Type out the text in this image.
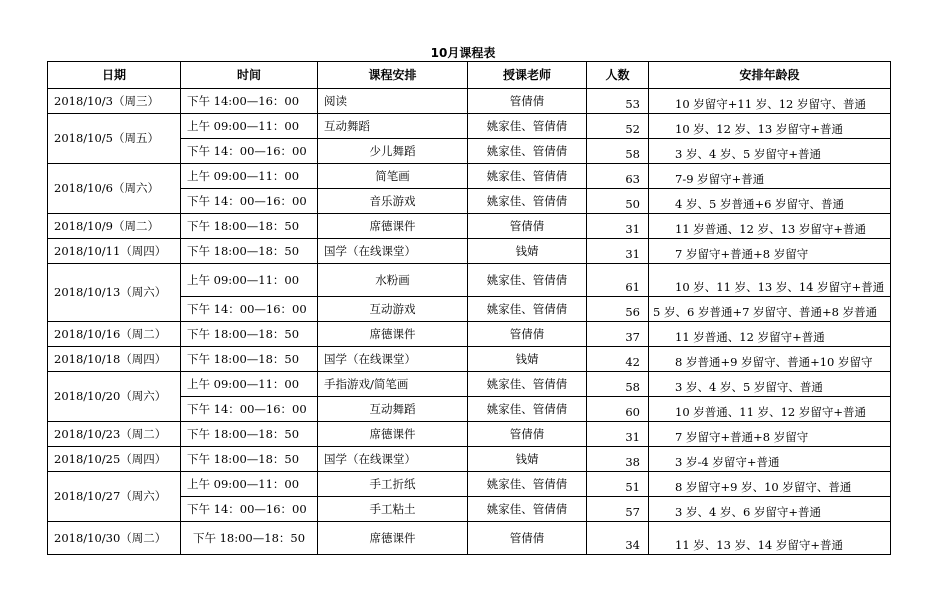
10月课程表
日期	时间	课程安排	授课老师	人数	安排年龄段
2018/10/3（周三）	下午 14:00—16：00	阅读	管倩倩	53	10 岁留守+11 岁、12 岁留守、普通
2018/10/5（周五）	上午 09:00—11：00	互动舞蹈	姚家佳、管倩倩	52	10 岁、12 岁、13 岁留守+普通
	下午 14：00—16：00	少儿舞蹈	姚家佳、管倩倩	58	3 岁、4 岁、5 岁留守+普通
2018/10/6（周六）	上午 09:00—11：00	简笔画	姚家佳、管倩倩	63	7-9 岁留守+普通
	下午 14：00—16：00	音乐游戏	姚家佳、管倩倩	50	4 岁、5 岁普通+6 岁留守、普通
2018/10/9（周二）	下午 18:00—18：50	席德课件	管倩倩	31	11 岁普通、12 岁、13 岁留守+普通
2018/10/11（周四）	下午 18:00—18：50	国学（在线课堂）	钱婧	31	7 岁留守+普通+8 岁留守
2018/10/13（周六）	上午 09:00—11：00	水粉画	姚家佳、管倩倩	61	10 岁、11 岁、13 岁、14 岁留守+普通
	下午 14：00—16：00	互动游戏	姚家佳、管倩倩	56	5 岁、6 岁普通+7 岁留守、普通+8 岁普通
2018/10/16（周二）	下午 18:00—18：50	席德课件	管倩倩	37	11 岁普通、12 岁留守+普通
2018/10/18（周四）	下午 18:00—18：50	国学（在线课堂）	钱婧	42	8 岁普通+9 岁留守、普通+10 岁留守
2018/10/20（周六）	上午 09:00—11：00	手指游戏/简笔画	姚家佳、管倩倩	58	3 岁、4 岁、5 岁留守、普通
	下午 14：00—16：00	互动舞蹈	姚家佳、管倩倩	60	10 岁普通、11 岁、12 岁留守+普通
2018/10/23（周二）	下午 18:00—18：50	席德课件	管倩倩	31	7 岁留守+普通+8 岁留守
2018/10/25（周四）	下午 18:00—18：50	国学（在线课堂）	钱婧	38	3 岁-4 岁留守+普通
2018/10/27（周六）	上午 09:00—11：00	手工折纸	姚家佳、管倩倩	51	8 岁留守+9 岁、10 岁留守、普通
	下午 14：00—16：00	手工粘土	姚家佳、管倩倩	57	3 岁、4 岁、6 岁留守+普通
2018/10/30（周二）	下午 18:00—18：50	席德课件	管倩倩	34	11 岁、13 岁、14 岁留守+普通
